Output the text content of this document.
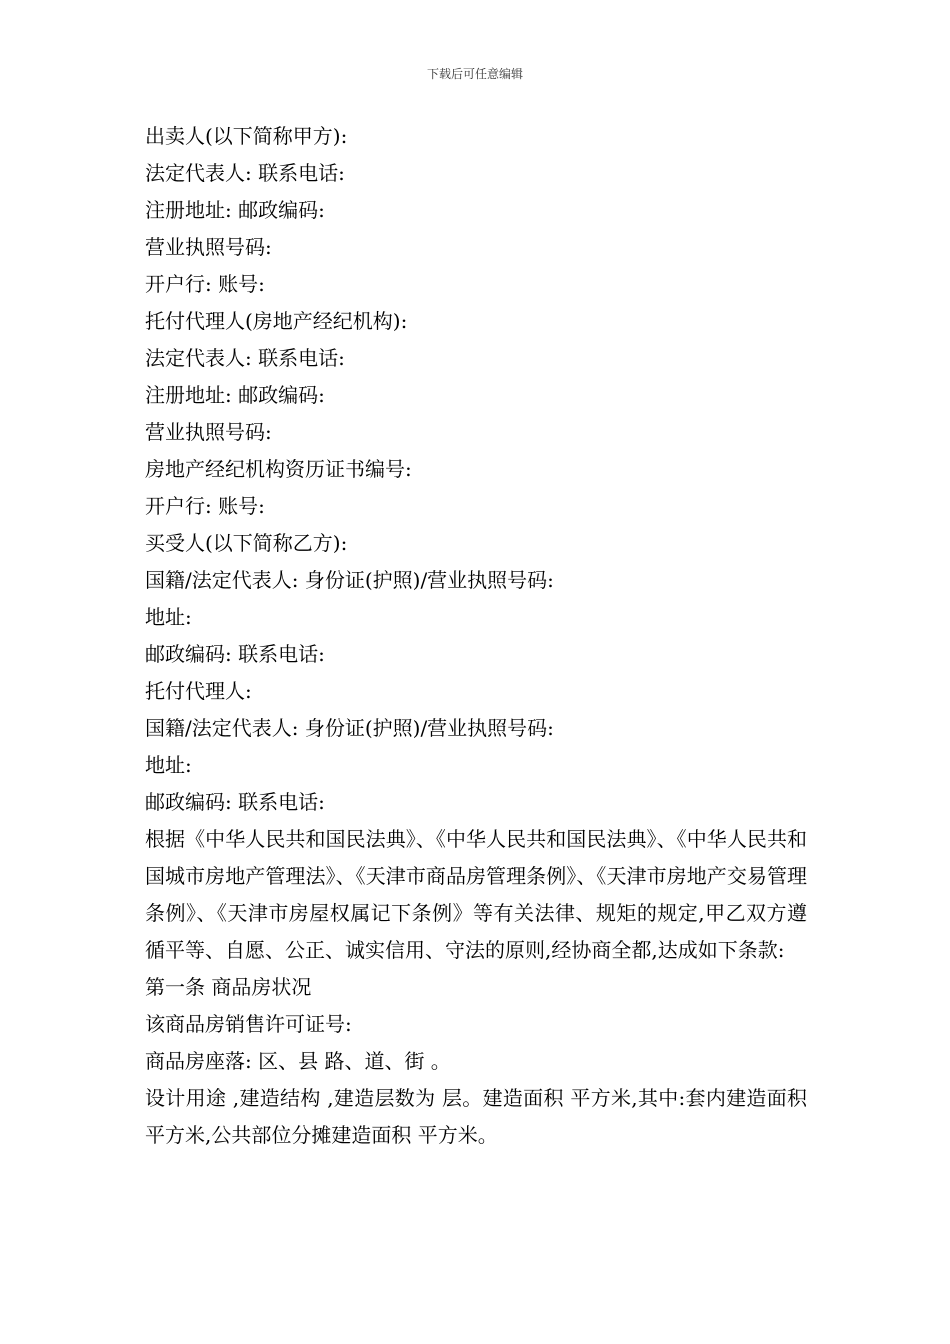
下载后可任意编辑

出卖人(以下简称甲方):

法定代表人: 联系电话:

注册地址: 邮政编码:

营业执照号码:

开户行: 账号:

托付代理人(房地产经纪机构):

法定代表人: 联系电话:

注册地址: 邮政编码:

营业执照号码:

房地产经纪机构资历证书编号:

开户行: 账号:

买受人(以下简称乙方):

国籍/法定代表人: 身份证(护照)/营业执照号码:

地址:

邮政编码: 联系电话:

托付代理人:

国籍/法定代表人: 身份证(护照)/营业执照号码:

地址:

邮政编码: 联系电话:

根据《中华人民共和国民法典》、《中华人民共和国民法典》、《中华人民共和国城市房地产管理法》、《天津市商品房管理条例》、《天津市房地产交易管理条例》、《天津市房屋权属记下条例》等有关法律、规矩的规定,甲乙双方遵循平等、自愿、公正、诚实信用、守法的原则,经协商全都,达成如下条款:

第一条 商品房状况

该商品房销售许可证号:

商品房座落: 区、县 路、道、街 。

设计用途 ,建造结构 ,建造层数为 层。建造面积 平方米,其中:套内建造面积 平方米,公共部位分摊建造面积 平方米。
